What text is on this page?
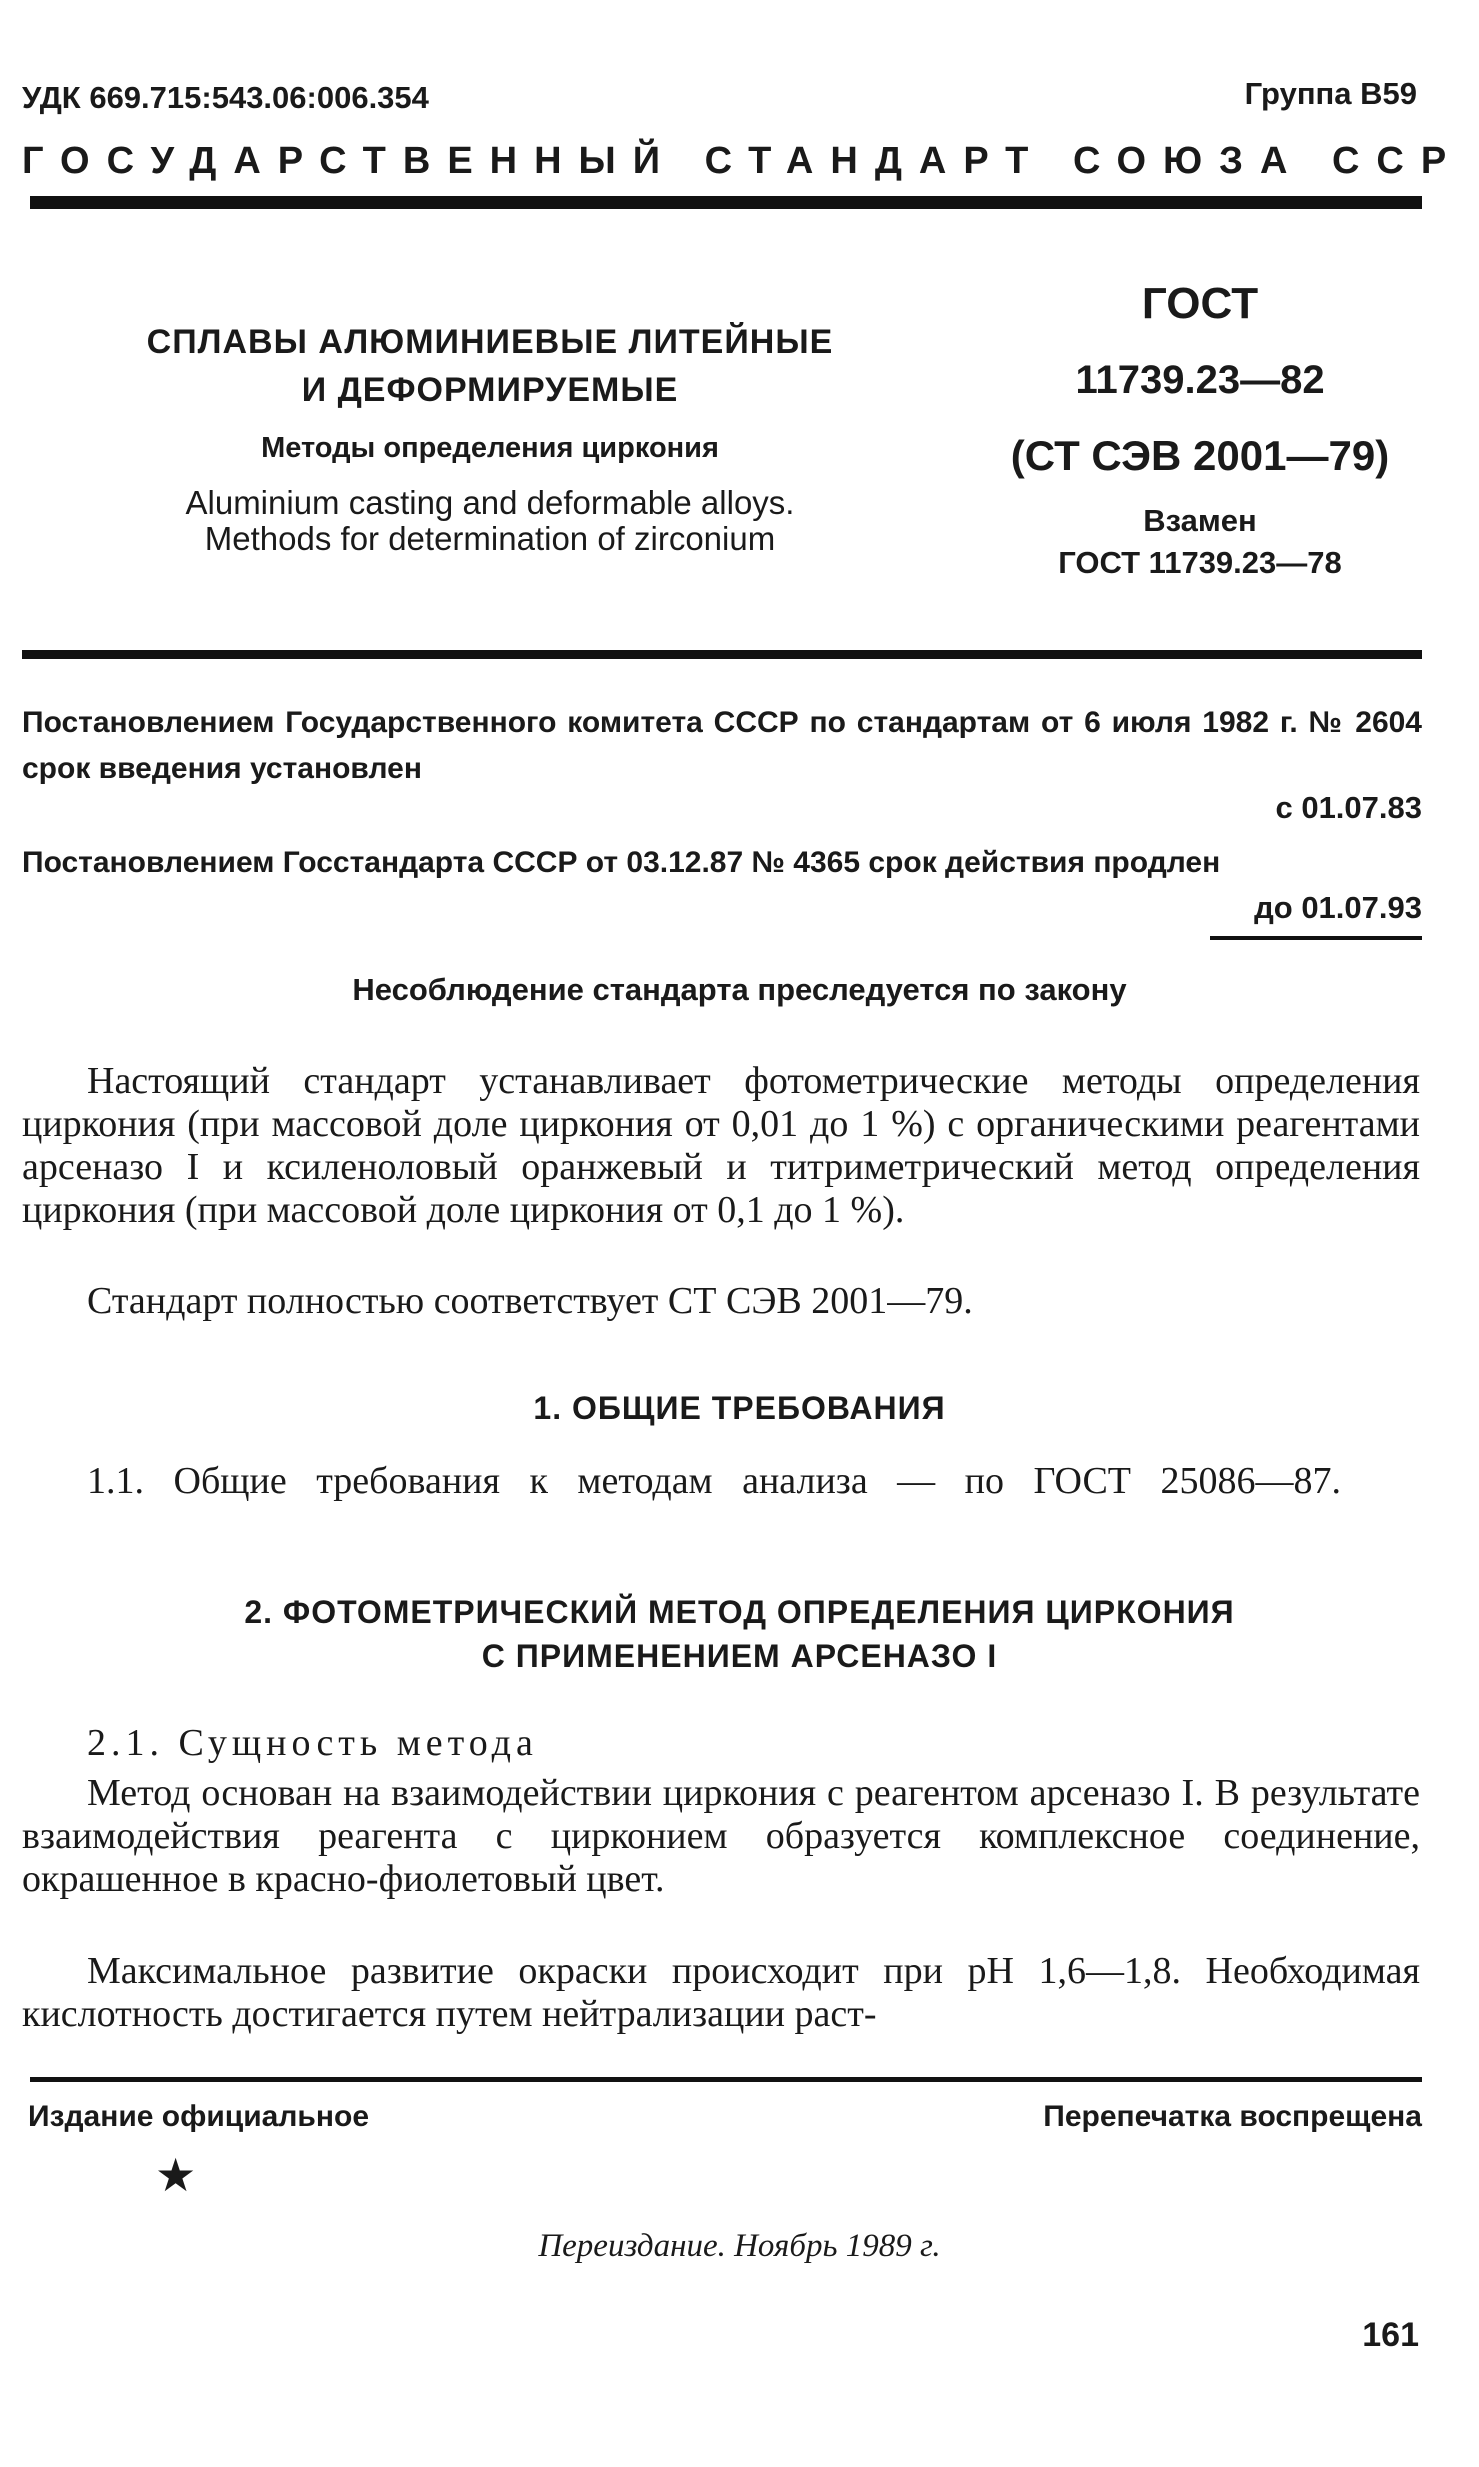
УДК 669.715:543.06:006.354	Группа В59
ГОСУДАРСТВЕННЫЙ СТАНДАРТ СОЮЗА ССР
СПЛАВЫ АЛЮМИНИЕВЫЕ ЛИТЕЙНЫЕ
И ДЕФОРМИРУЕМЫЕ
Методы определения циркония
Aluminium casting and deformable alloys.
Methods for determination of zirconium
ГОСТ
11739.23—82
(СТ СЭВ 2001—79)
Взамен
ГОСТ 11739.23—78
Постановлением Государственного комитета СССР по стандартам от 6 июля 1982 г. № 2604 срок введения установлен
с 01.07.83
Постановлением Госстандарта СССР от 03.12.87 № 4365 срок действия продлен
до 01.07.93
Несоблюдение стандарта преследуется по закону
Настоящий стандарт устанавливает фотометрические методы определения циркония (при массовой доле циркония от 0,01 до 1 %) с органическими реагентами арсеназо I и ксиленоловый оранжевый и титриметрический метод определения циркония (при массовой доле циркония от 0,1 до 1 %).
Стандарт полностью соответствует СТ СЭВ 2001—79.
1. ОБЩИЕ ТРЕБОВАНИЯ
1.1. Общие требования к методам анализа — по ГОСТ 25086—87.
2. ФОТОМЕТРИЧЕСКИЙ МЕТОД ОПРЕДЕЛЕНИЯ ЦИРКОНИЯ
С ПРИМЕНЕНИЕМ АРСЕНАЗО I
2.1. Сущность метода
Метод основан на взаимодействии циркония с реагентом арсеназо I. В результате взаимодействия реагента с цирконием образуется комплексное соединение, окрашенное в красно-фиолетовый цвет.
Максимальное развитие окраски происходит при pH 1,6—1,8. Необходимая кислотность достигается путем нейтрализации раст-
Издание официальное	Перепечатка воспрещена
★
Переиздание. Ноябрь 1989 г.
161
